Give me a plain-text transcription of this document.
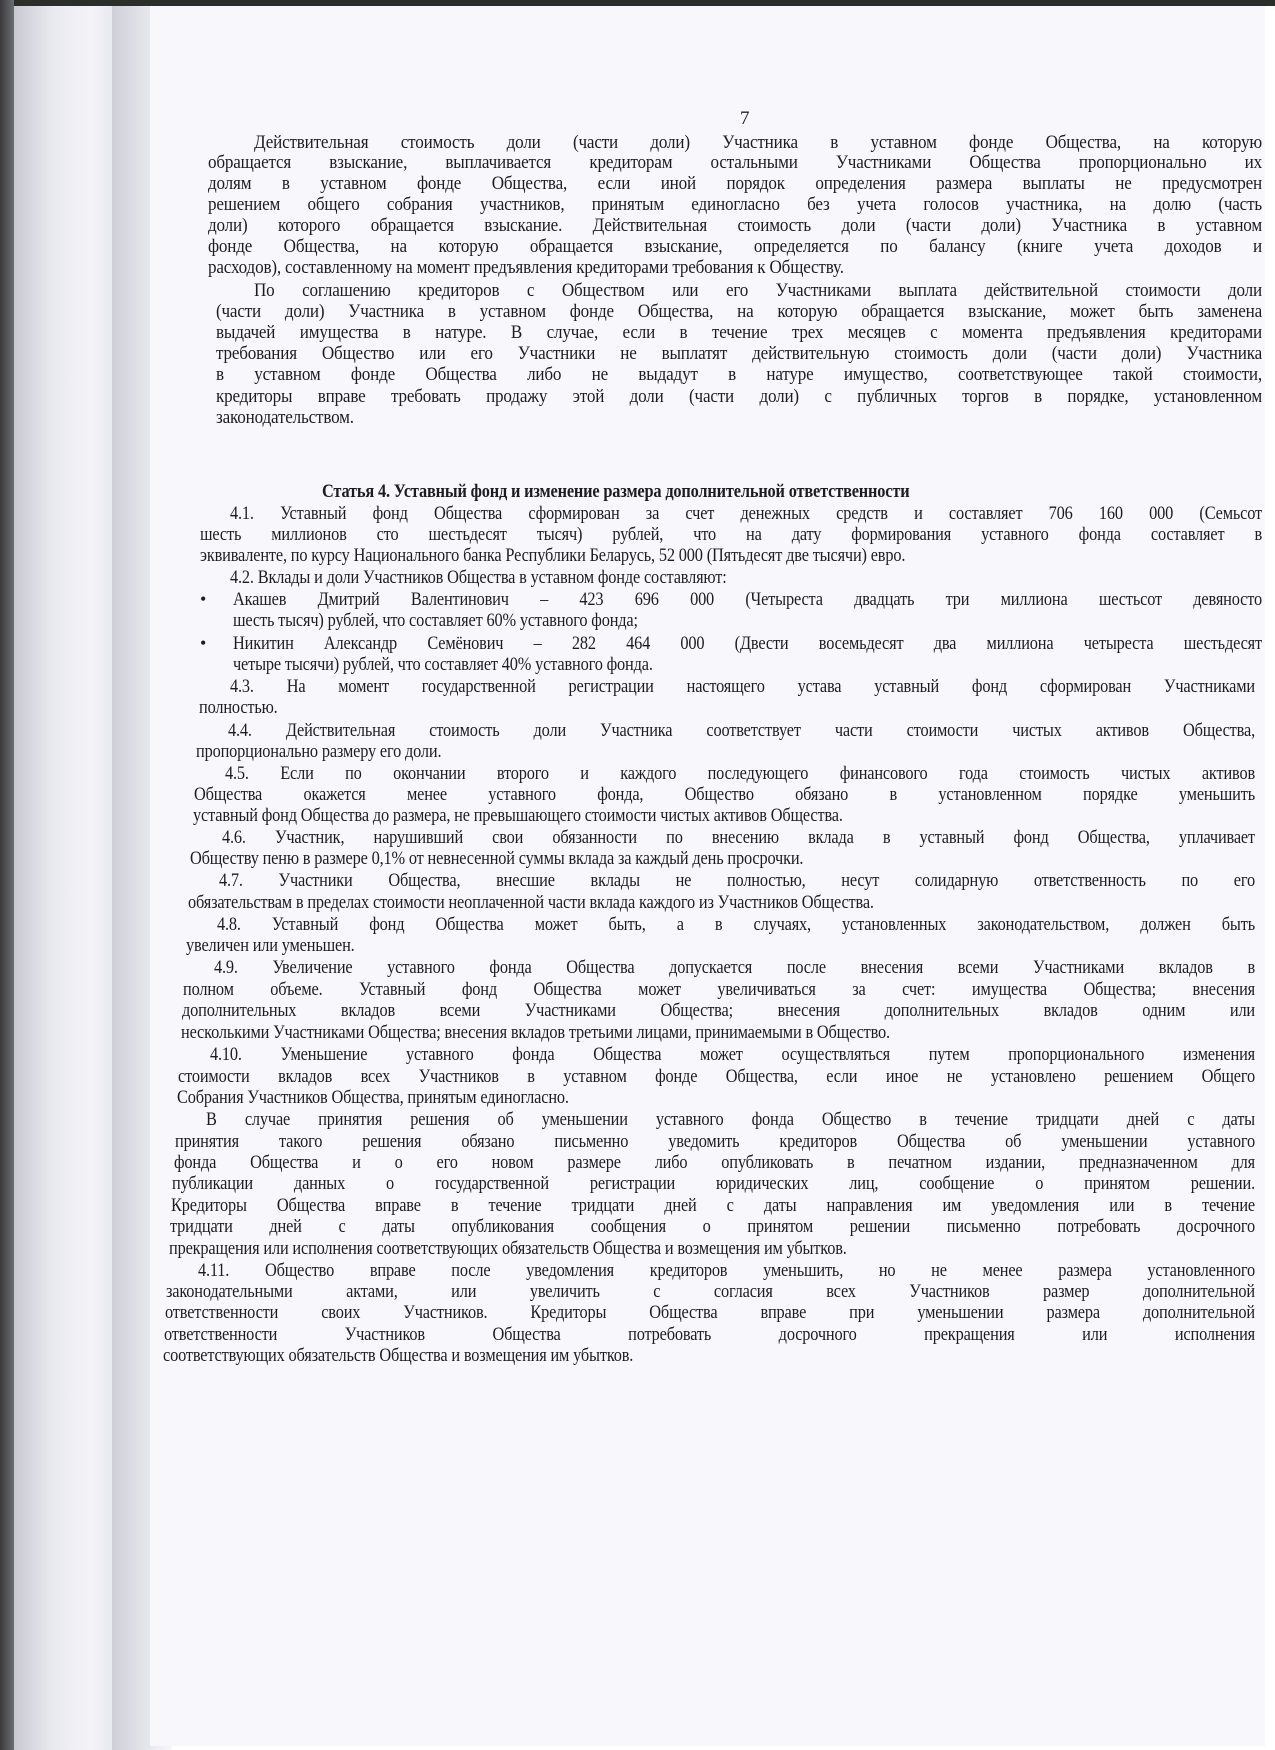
7
Действительная стоимость доли (части доли) Участника в уставном фонде Общества, на которую
обращается взыскание, выплачивается кредиторам остальными Участниками Общества пропорционально их
долям в уставном фонде Общества, если иной порядок определения размера выплаты не предусмотрен
решением общего собрания участников, принятым единогласно без учета голосов участника, на долю (часть
доли) которого обращается взыскание. Действительная стоимость доли (части доли) Участника в уставном
фонде Общества, на которую обращается взыскание, определяется по балансу (книге учета доходов и
расходов), составленному на момент предъявления кредиторами требования к Обществу.
По соглашению кредиторов с Обществом или его Участниками выплата действительной стоимости доли
(части доли) Участника в уставном фонде Общества, на которую обращается взыскание, может быть заменена
выдачей имущества в натуре. В случае, если в течение трех месяцев с момента предъявления кредиторами
требования Общество или его Участники не выплатят действительную стоимость доли (части доли) Участника
в уставном фонде Общества либо не выдадут в натуре имущество, соответствующее такой стоимости,
кредиторы вправе требовать продажу этой доли (части доли) с публичных торгов в порядке, установленном
законодательством.
Статья 4. Уставный фонд и изменение размера дополнительной ответственности
4.1. Уставный фонд Общества сформирован за счет денежных средств и составляет 706 160 000 (Семьсот
шесть миллионов сто шестьдесят тысяч) рублей, что на дату формирования уставного фонда составляет в
эквиваленте, по курсу Национального банка Республики Беларусь, 52 000 (Пятьдесят две тысячи) евро.
4.2. Вклады и доли Участников Общества в уставном фонде составляют:
• Акашев Дмитрий Валентинович – 423 696 000 (Четыреста двадцать три миллиона шестьсот девяносто
шесть тысяч) рублей, что составляет 60% уставного фонда;
• Никитин Александр Семёнович – 282 464 000 (Двести восемьдесят два миллиона четыреста шестьдесят
четыре тысячи) рублей, что составляет 40% уставного фонда.
4.3. На момент государственной регистрации настоящего устава уставный фонд сформирован Участниками
полностью.
4.4. Действительная стоимость доли Участника соответствует части стоимости чистых активов Общества,
пропорционально размеру его доли.
4.5. Если по окончании второго и каждого последующего финансового года стоимость чистых активов
Общества окажется менее уставного фонда, Общество обязано в установленном порядке уменьшить
уставный фонд Общества до размера, не превышающего стоимости чистых активов Общества.
4.6. Участник, нарушивший свои обязанности по внесению вклада в уставный фонд Общества, уплачивает
Обществу пеню в размере 0,1% от невнесенной суммы вклада за каждый день просрочки.
4.7. Участники Общества, внесшие вклады не полностью, несут солидарную ответственность по его
обязательствам в пределах стоимости неоплаченной части вклада каждого из Участников Общества.
4.8. Уставный фонд Общества может быть, а в случаях, установленных законодательством, должен быть
увеличен или уменьшен.
4.9. Увеличение уставного фонда Общества допускается после внесения всеми Участниками вкладов в
полном объеме. Уставный фонд Общества может увеличиваться за счет: имущества Общества; внесения
дополнительных вкладов всеми Участниками Общества; внесения дополнительных вкладов одним или
несколькими Участниками Общества; внесения вкладов третьими лицами, принимаемыми в Общество.
4.10. Уменьшение уставного фонда Общества может осуществляться путем пропорционального изменения
стоимости вкладов всех Участников в уставном фонде Общества, если иное не установлено решением Общего
Собрания Участников Общества, принятым единогласно.
В случае принятия решения об уменьшении уставного фонда Общество в течение тридцати дней с даты
принятия такого решения обязано письменно уведомить кредиторов Общества об уменьшении уставного
фонда Общества и о его новом размере либо опубликовать в печатном издании, предназначенном для
публикации данных о государственной регистрации юридических лиц, сообщение о принятом решении.
Кредиторы Общества вправе в течение тридцати дней с даты направления им уведомления или в течение
тридцати дней с даты опубликования сообщения о принятом решении письменно потребовать досрочного
прекращения или исполнения соответствующих обязательств Общества и возмещения им убытков.
4.11. Общество вправе после уведомления кредиторов уменьшить, но не менее размера установленного
законодательными актами, или увеличить с согласия всех Участников размер дополнительной
ответственности своих Участников. Кредиторы Общества вправе при уменьшении размера дополнительной
ответственности Участников Общества потребовать досрочного прекращения или исполнения
соответствующих обязательств Общества и возмещения им убытков.
